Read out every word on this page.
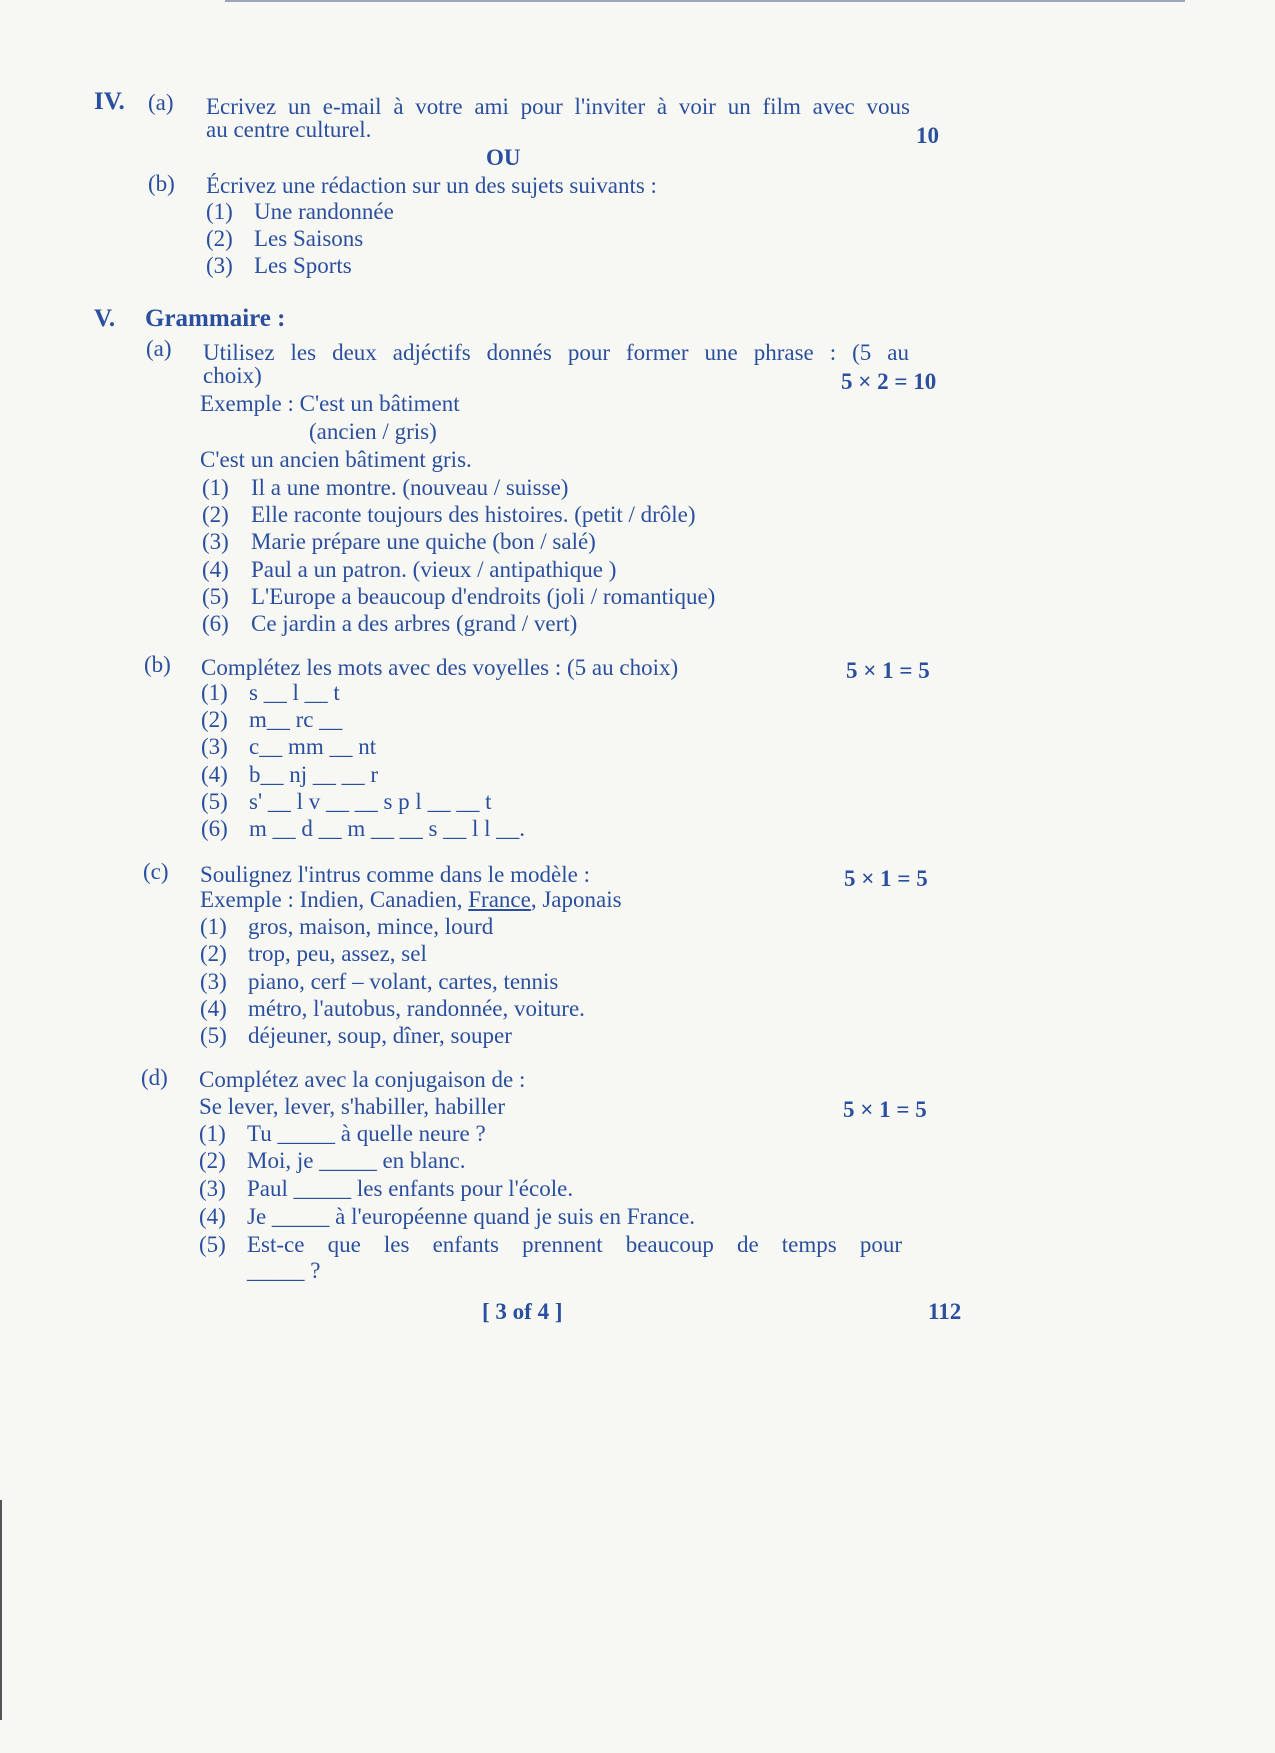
IV. (a) Ecrivez un e-mail à votre ami pour l'inviter à voir un film avec vous
au centre culturel.	10
OU
(b) Écrivez une rédaction sur un des sujets suivants :
(1) Une randonnée
(2) Les Saisons
(3) Les Sports
V. Grammaire :
(a) Utilisez les deux adjéctifs donnés pour former une phrase : (5 au
choix)	5 × 2 = 10
Exemple : C'est un bâtiment
(ancien / gris)
C'est un ancien bâtiment gris.
(1) Il a une montre. (nouveau / suisse)
(2) Elle raconte toujours des histoires. (petit / drôle)
(3) Marie prépare une quiche (bon / salé)
(4) Paul a un patron. (vieux / antipathique )
(5) L'Europe a beaucoup d'endroits (joli / romantique)
(6) Ce jardin a des arbres (grand / vert)
(b) Complétez les mots avec des voyelles : (5 au choix)	5 × 1 = 5
(1) s __ l __ t
(2) m__ rc __
(3) c__ mm __ nt
(4) b__ nj __ __ r
(5) s' __ l v __ __ s p l __ __ t
(6) m __ d __ m __ __ s __ l l __.
(c) Soulignez l'intrus comme dans le modèle :	5 × 1 = 5
Exemple : Indien, Canadien, France, Japonais
(1) gros, maison, mince, lourd
(2) trop, peu, assez, sel
(3) piano, cerf – volant, cartes, tennis
(4) métro, l'autobus, randonnée, voiture.
(5) déjeuner, soup, dîner, souper
(d) Complétez avec la conjugaison de :
Se lever, lever, s'habiller, habiller	5 × 1 = 5
(1) Tu _____ à quelle neure ?
(2) Moi, je _____ en blanc.
(3) Paul _____ les enfants pour l'école.
(4) Je _____ à l'européenne quand je suis en France.
(5) Est-ce que les enfants prennent beaucoup de temps pour
_____ ?
[ 3 of 4 ]	112
